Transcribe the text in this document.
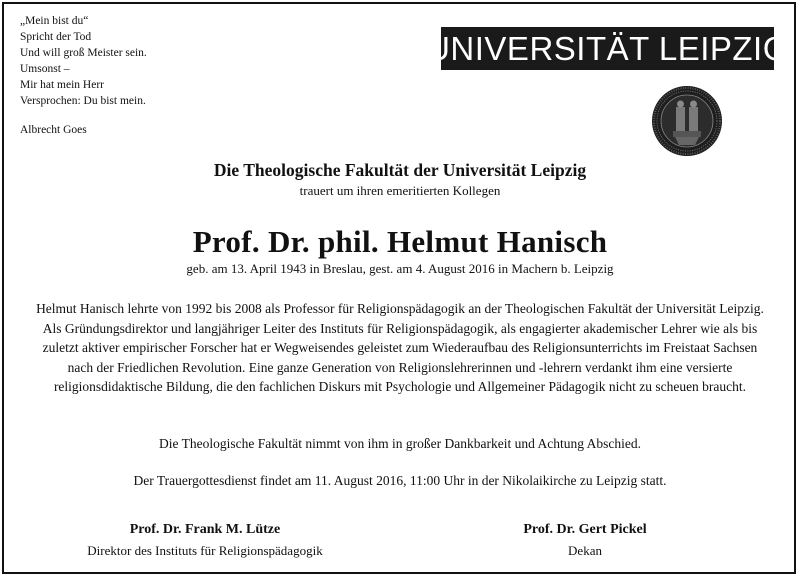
„Mein bist du“
Spricht der Tod
Und will groß Meister sein.
Umsonst –
Mir hat mein Herr
Versprochen: Du bist mein.
Albrecht Goes
UNIVERSITÄT LEIPZIG
Die Theologische Fakultät der Universität Leipzig
trauert um ihren emeritierten Kollegen
Prof. Dr. phil. Helmut Hanisch
geb. am 13. April 1943 in Breslau, gest. am 4. August 2016 in Machern b. Leipzig
Helmut Hanisch lehrte von 1992 bis 2008 als Professor für Religionspädagogik an der Theologischen Fakultät der Universität Leipzig. Als Gründungsdirektor und langjähriger Leiter des Instituts für Religionspädagogik, als engagierter akademischer Lehrer wie als bis zuletzt aktiver empirischer Forscher hat er Wegweisendes geleistet zum Wiederaufbau des Religionsunterrichts im Freistaat Sachsen nach der Friedlichen Revolution. Eine ganze Generation von Religionslehrerinnen und -lehrern verdankt ihm eine versierte religionsdidaktische Bildung, die den fachlichen Diskurs mit Psychologie und Allgemeiner Pädagogik nicht zu scheuen braucht.
Die Theologische Fakultät nimmt von ihm in großer Dankbarkeit und Achtung Abschied.
Der Trauergottesdienst findet am 11. August 2016, 11:00 Uhr in der Nikolaikirche zu Leipzig statt.
Prof. Dr. Frank M. Lütze
Direktor des Instituts für Religionspädagogik
Prof. Dr. Gert Pickel
Dekan
